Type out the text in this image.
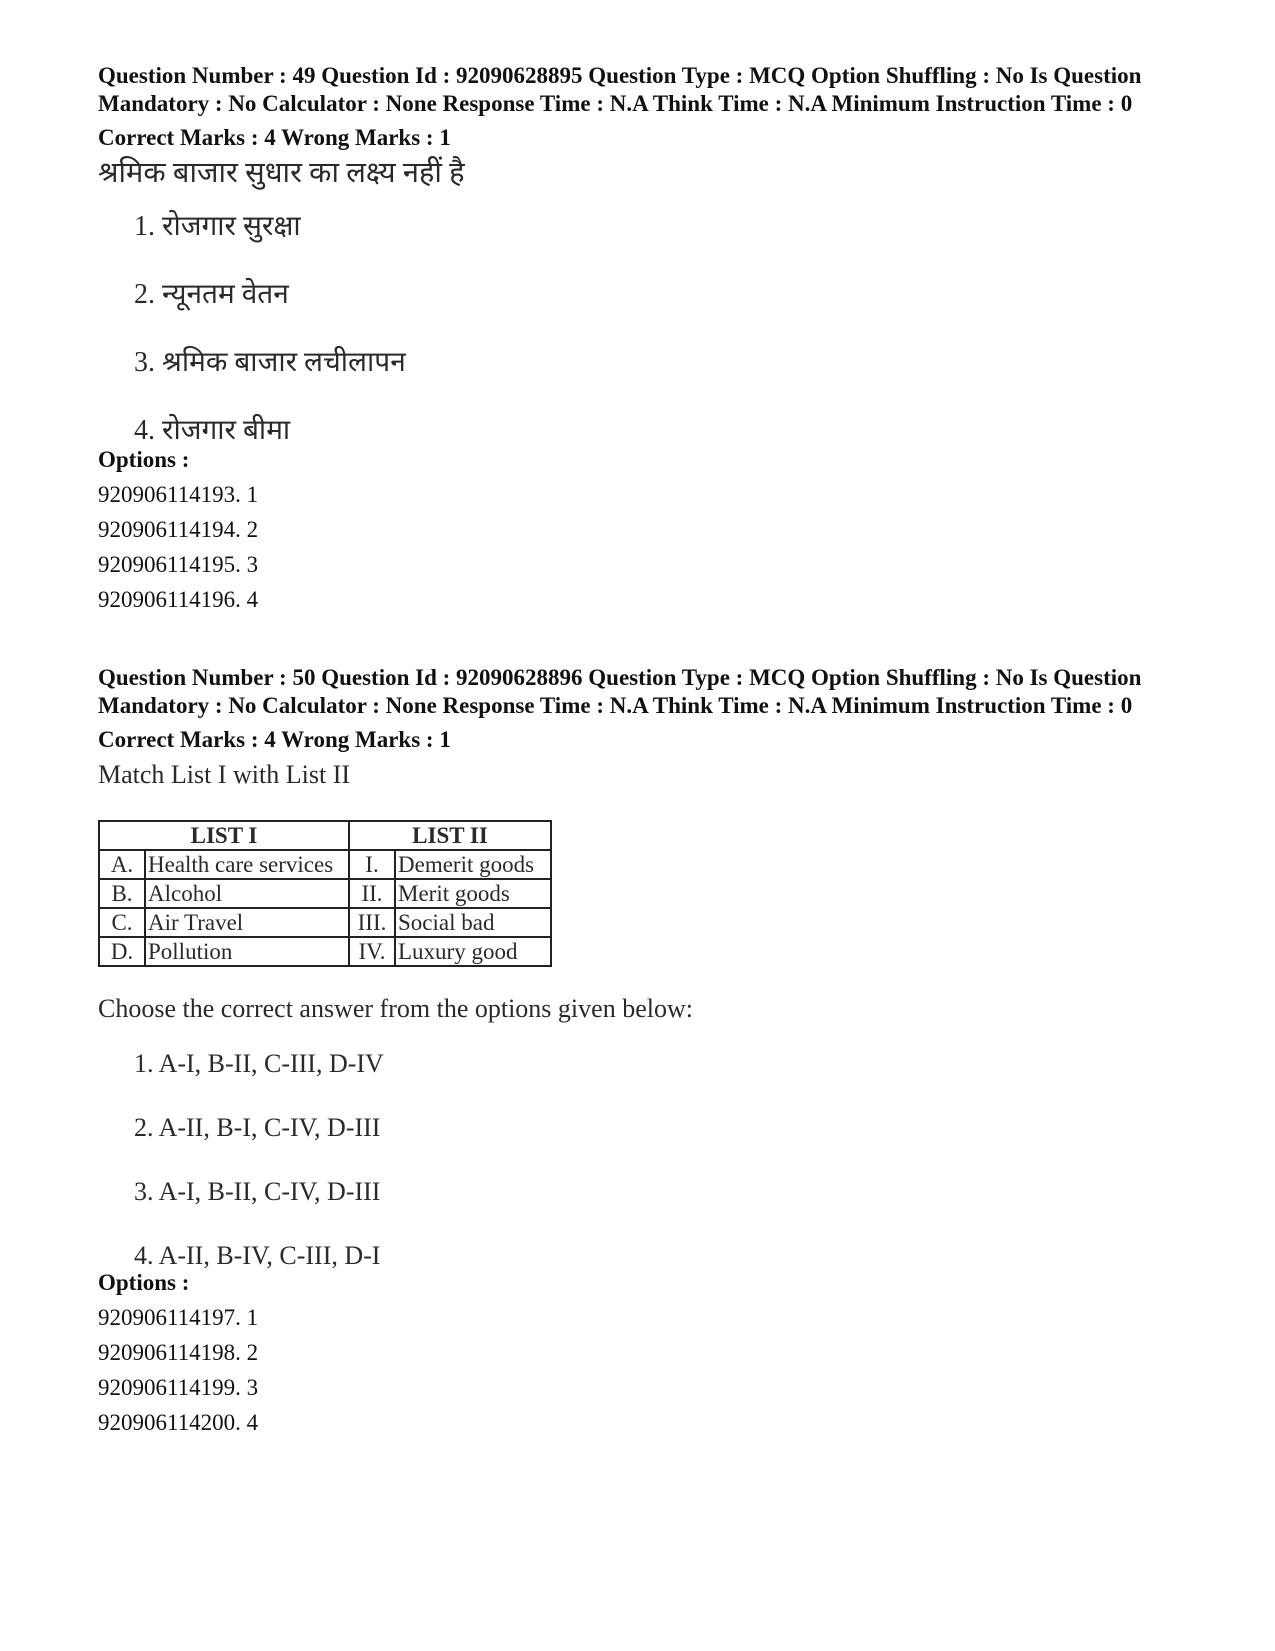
Question Number : 49 Question Id : 92090628895 Question Type : MCQ Option Shuffling : No Is Question Mandatory : No Calculator : None Response Time : N.A Think Time : N.A Minimum Instruction Time : 0

Correct Marks : 4 Wrong Marks : 1
श्रमिक बाजार सुधार का लक्ष्य नहीं है
1. रोजगार सुरक्षा
2. न्यूनतम वेतन
3. श्रमिक बाजार लचीलापन
4. रोजगार बीमा
Options :
920906114193. 1
920906114194. 2
920906114195. 3
920906114196. 4

Question Number : 50 Question Id : 92090628896 Question Type : MCQ Option Shuffling : No Is Question Mandatory : No Calculator : None Response Time : N.A Think Time : N.A Minimum Instruction Time : 0

Correct Marks : 4 Wrong Marks : 1
Match List I with List II
LIST I		LIST II	
A.	Health care services	I.	Demerit goods
B.	Alcohol	II.	Merit goods
C.	Air Travel	III.	Social bad
D.	Pollution	IV.	Luxury good
Choose the correct answer from the options given below:
1. A-I, B-II, C-III, D-IV
2. A-II, B-I, C-IV, D-III
3. A-I, B-II, C-IV, D-III
4. A-II, B-IV, C-III, D-I
Options :
920906114197. 1
920906114198. 2
920906114199. 3
920906114200. 4
